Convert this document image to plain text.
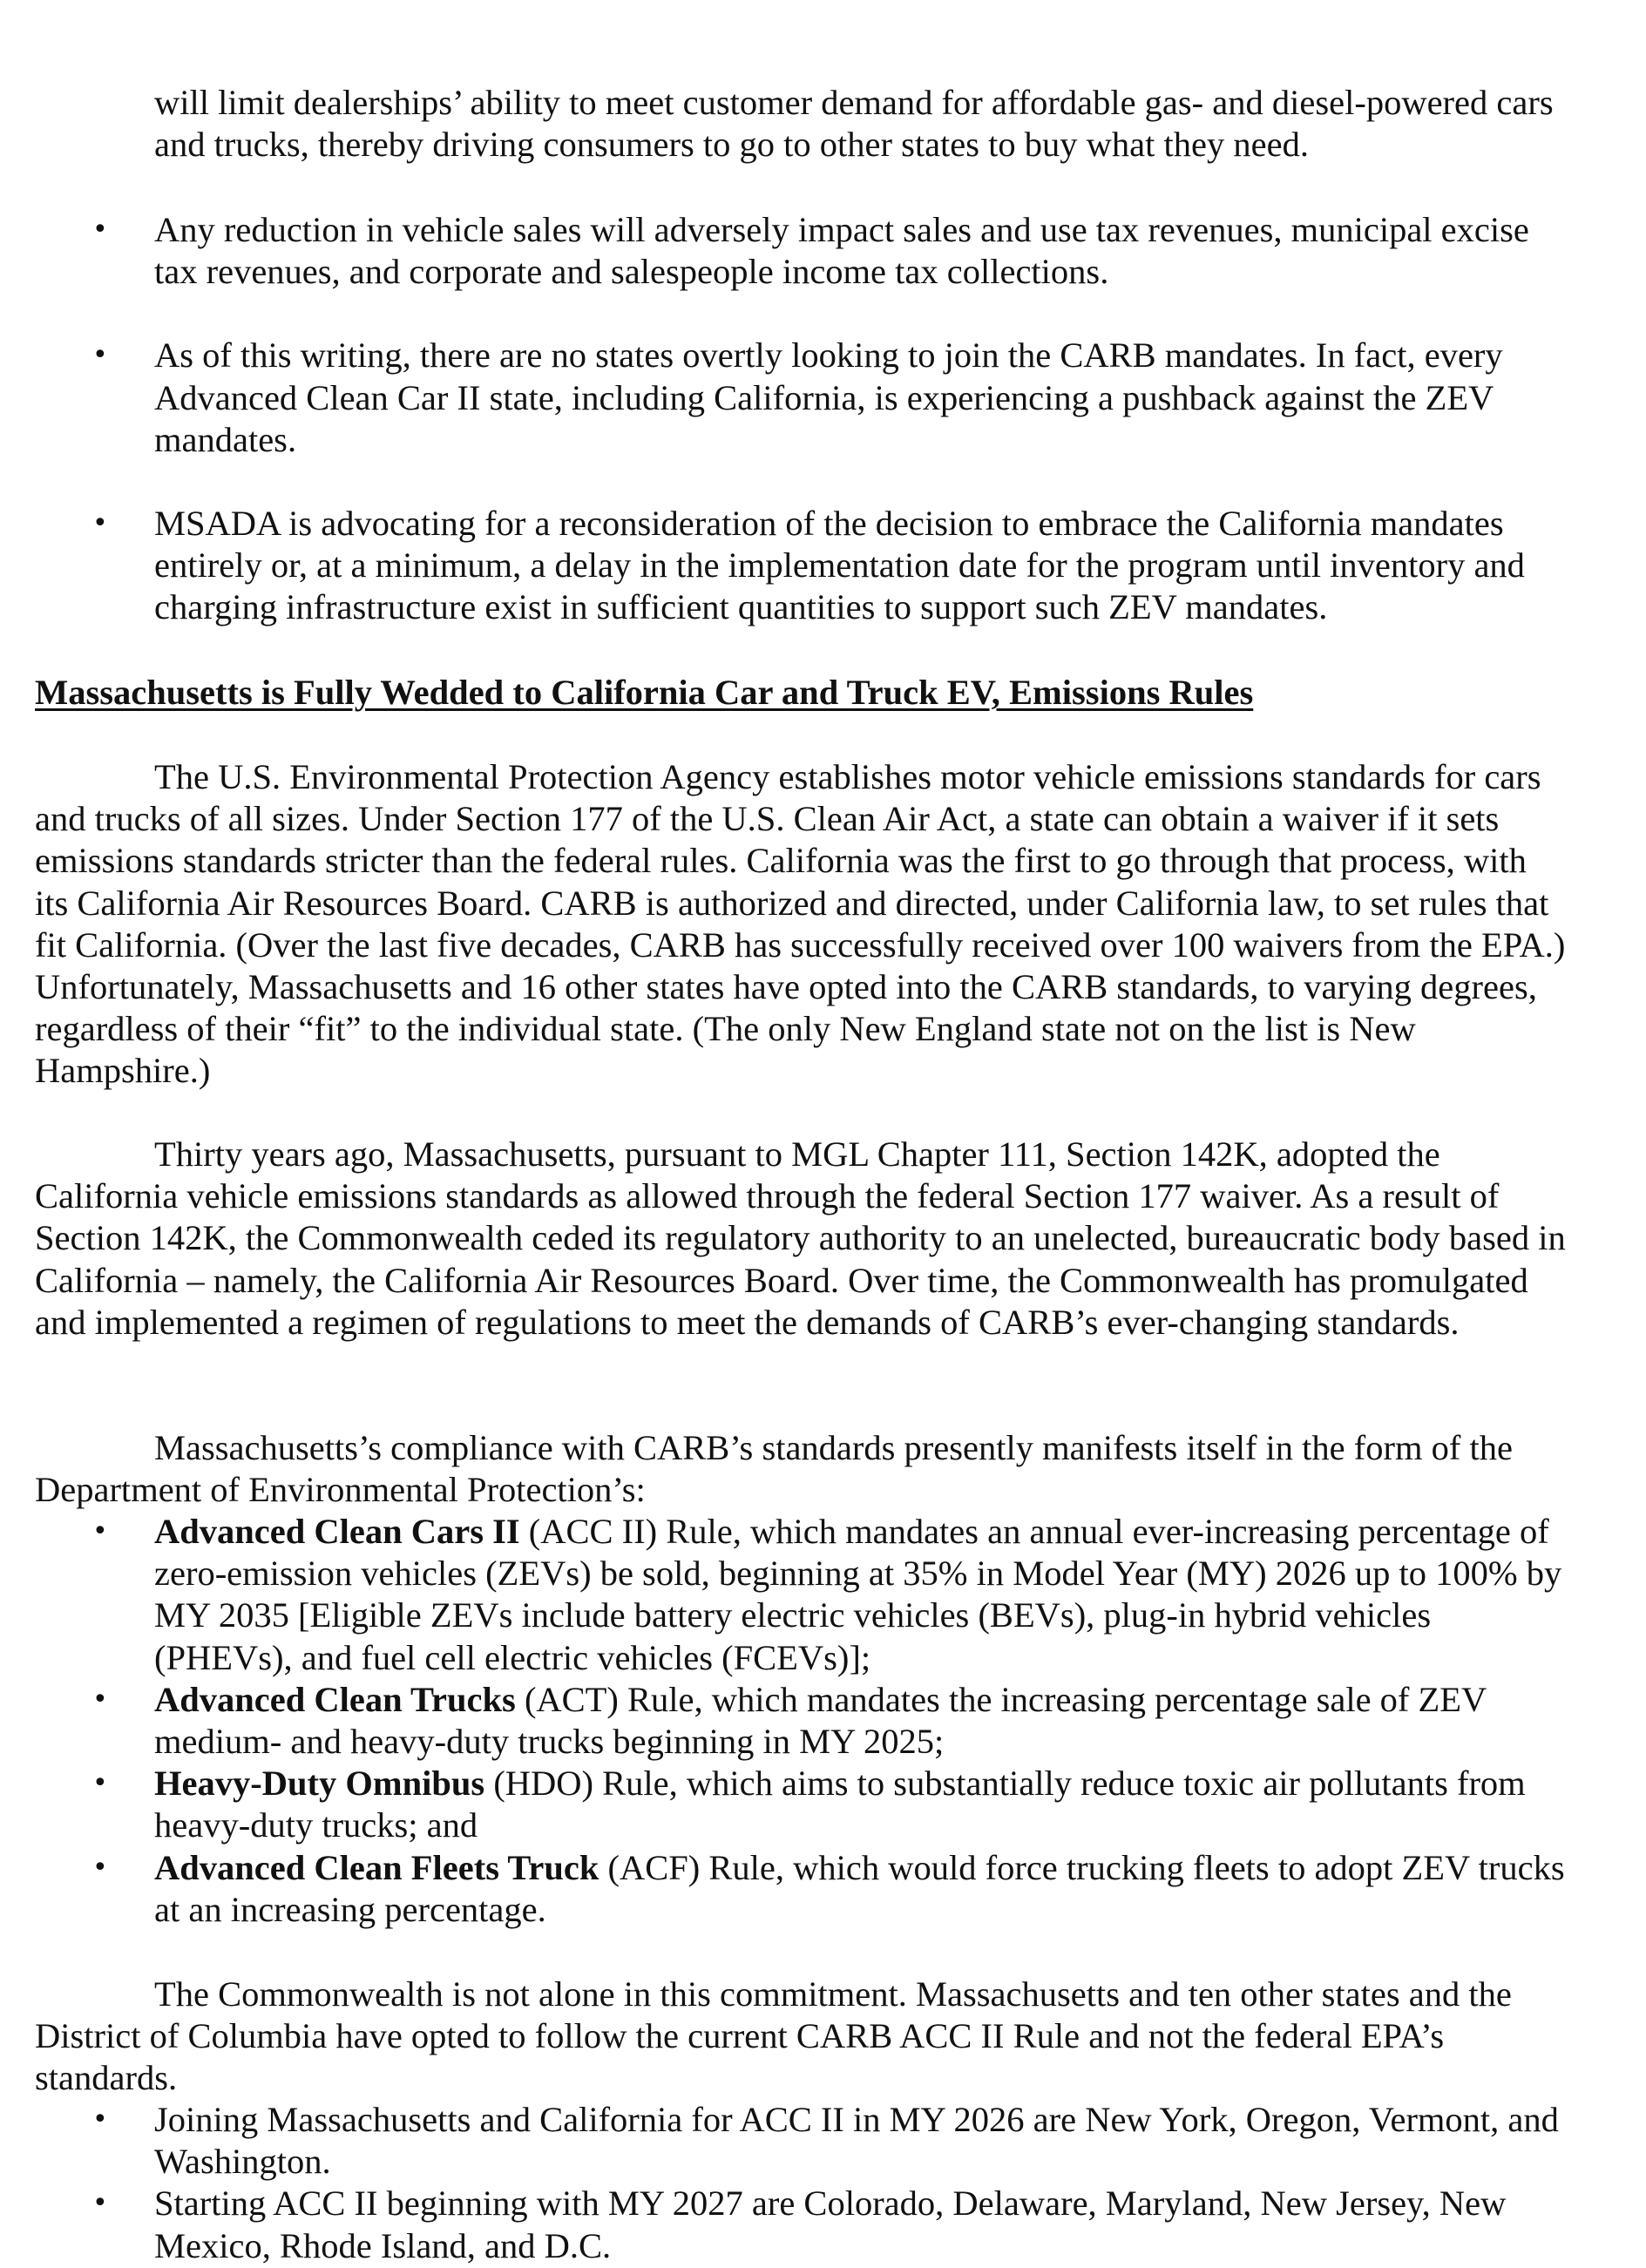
will limit dealerships’ ability to meet customer demand for affordable gas- and diesel-powered cars and trucks, thereby driving consumers to go to other states to buy what they need.

• Any reduction in vehicle sales will adversely impact sales and use tax revenues, municipal excise tax revenues, and corporate and salespeople income tax collections.
• As of this writing, there are no states overtly looking to join the CARB mandates. In fact, every Advanced Clean Car II state, including California, is experiencing a pushback against the ZEV mandates.
• MSADA is advocating for a reconsideration of the decision to embrace the California mandates entirely or, at a minimum, a delay in the implementation date for the program until inventory and charging infrastructure exist in sufficient quantities to support such ZEV mandates.

Massachusetts is Fully Wedded to California Car and Truck EV, Emissions Rules

The U.S. Environmental Protection Agency establishes motor vehicle emissions standards for cars and trucks of all sizes. Under Section 177 of the U.S. Clean Air Act, a state can obtain a waiver if it sets emissions standards stricter than the federal rules. California was the first to go through that process, with its California Air Resources Board. CARB is authorized and directed, under California law, to set rules that fit California. (Over the last five decades, CARB has successfully received over 100 waivers from the EPA.) Unfortunately, Massachusetts and 16 other states have opted into the CARB standards, to varying degrees, regardless of their “fit” to the individual state. (The only New England state not on the list is New Hampshire.)

Thirty years ago, Massachusetts, pursuant to MGL Chapter 111, Section 142K, adopted the California vehicle emissions standards as allowed through the federal Section 177 waiver. As a result of Section 142K, the Commonwealth ceded its regulatory authority to an unelected, bureaucratic body based in California – namely, the California Air Resources Board. Over time, the Commonwealth has promulgated and implemented a regimen of regulations to meet the demands of CARB’s ever-changing standards.

Massachusetts’s compliance with CARB’s standards presently manifests itself in the form of the Department of Environmental Protection’s:

• Advanced Clean Cars II (ACC II) Rule, which mandates an annual ever-increasing percentage of zero-emission vehicles (ZEVs) be sold, beginning at 35% in Model Year (MY) 2026 up to 100% by MY 2035 [Eligible ZEVs include battery electric vehicles (BEVs), plug-in hybrid vehicles (PHEVs), and fuel cell electric vehicles (FCEVs)];
• Advanced Clean Trucks (ACT) Rule, which mandates the increasing percentage sale of ZEV medium- and heavy-duty trucks beginning in MY 2025;
• Heavy-Duty Omnibus (HDO) Rule, which aims to substantially reduce toxic air pollutants from heavy-duty trucks; and
• Advanced Clean Fleets Truck (ACF) Rule, which would force trucking fleets to adopt ZEV trucks at an increasing percentage.

The Commonwealth is not alone in this commitment. Massachusetts and ten other states and the District of Columbia have opted to follow the current CARB ACC II Rule and not the federal EPA’s standards.

• Joining Massachusetts and California for ACC II in MY 2026 are New York, Oregon, Vermont, and Washington.
• Starting ACC II beginning with MY 2027 are Colorado, Delaware, Maryland, New Jersey, New Mexico, Rhode Island, and D.C.
